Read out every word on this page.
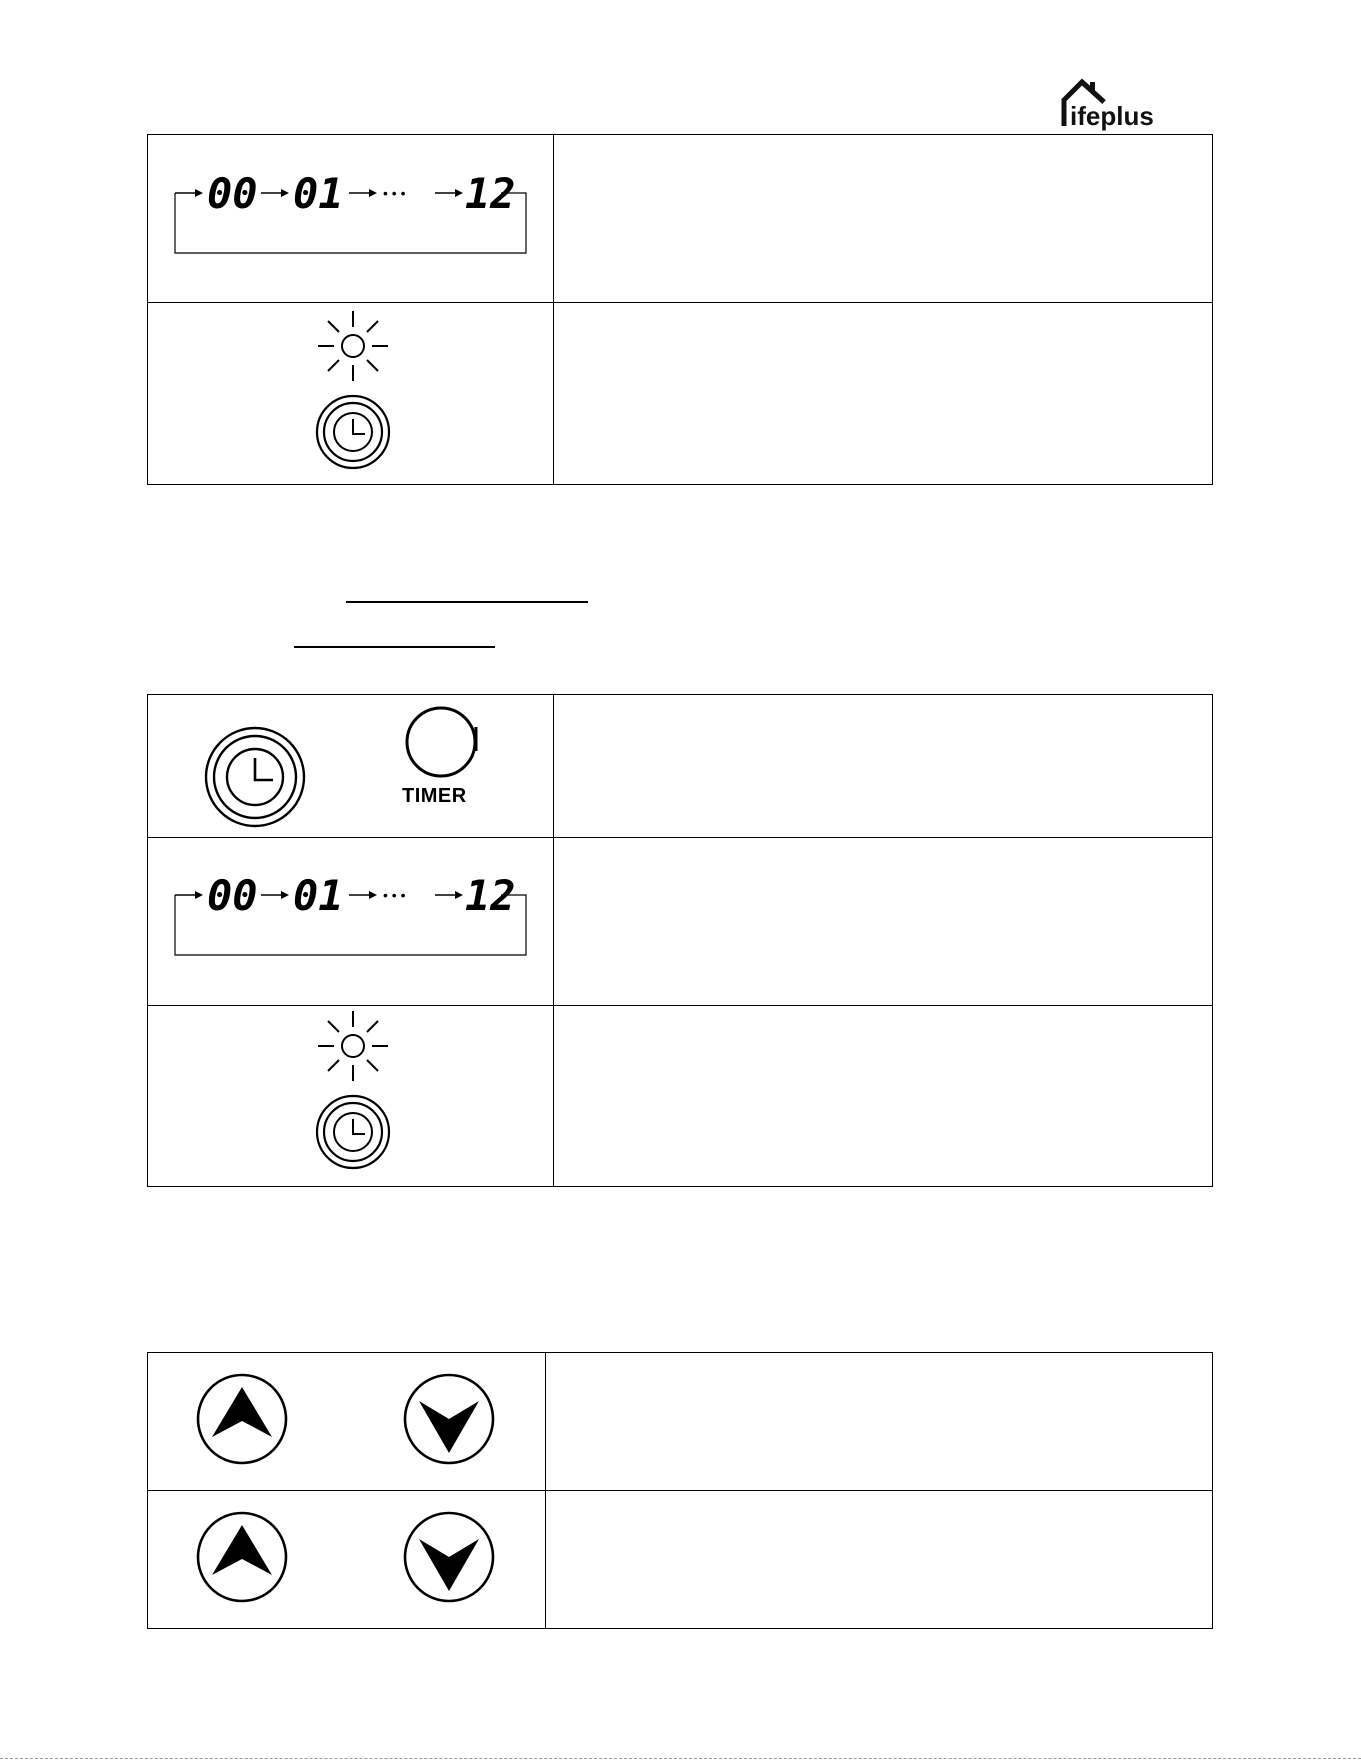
ifeplus
00 01	• • • 12
TIMER
00 01	• • • 12
